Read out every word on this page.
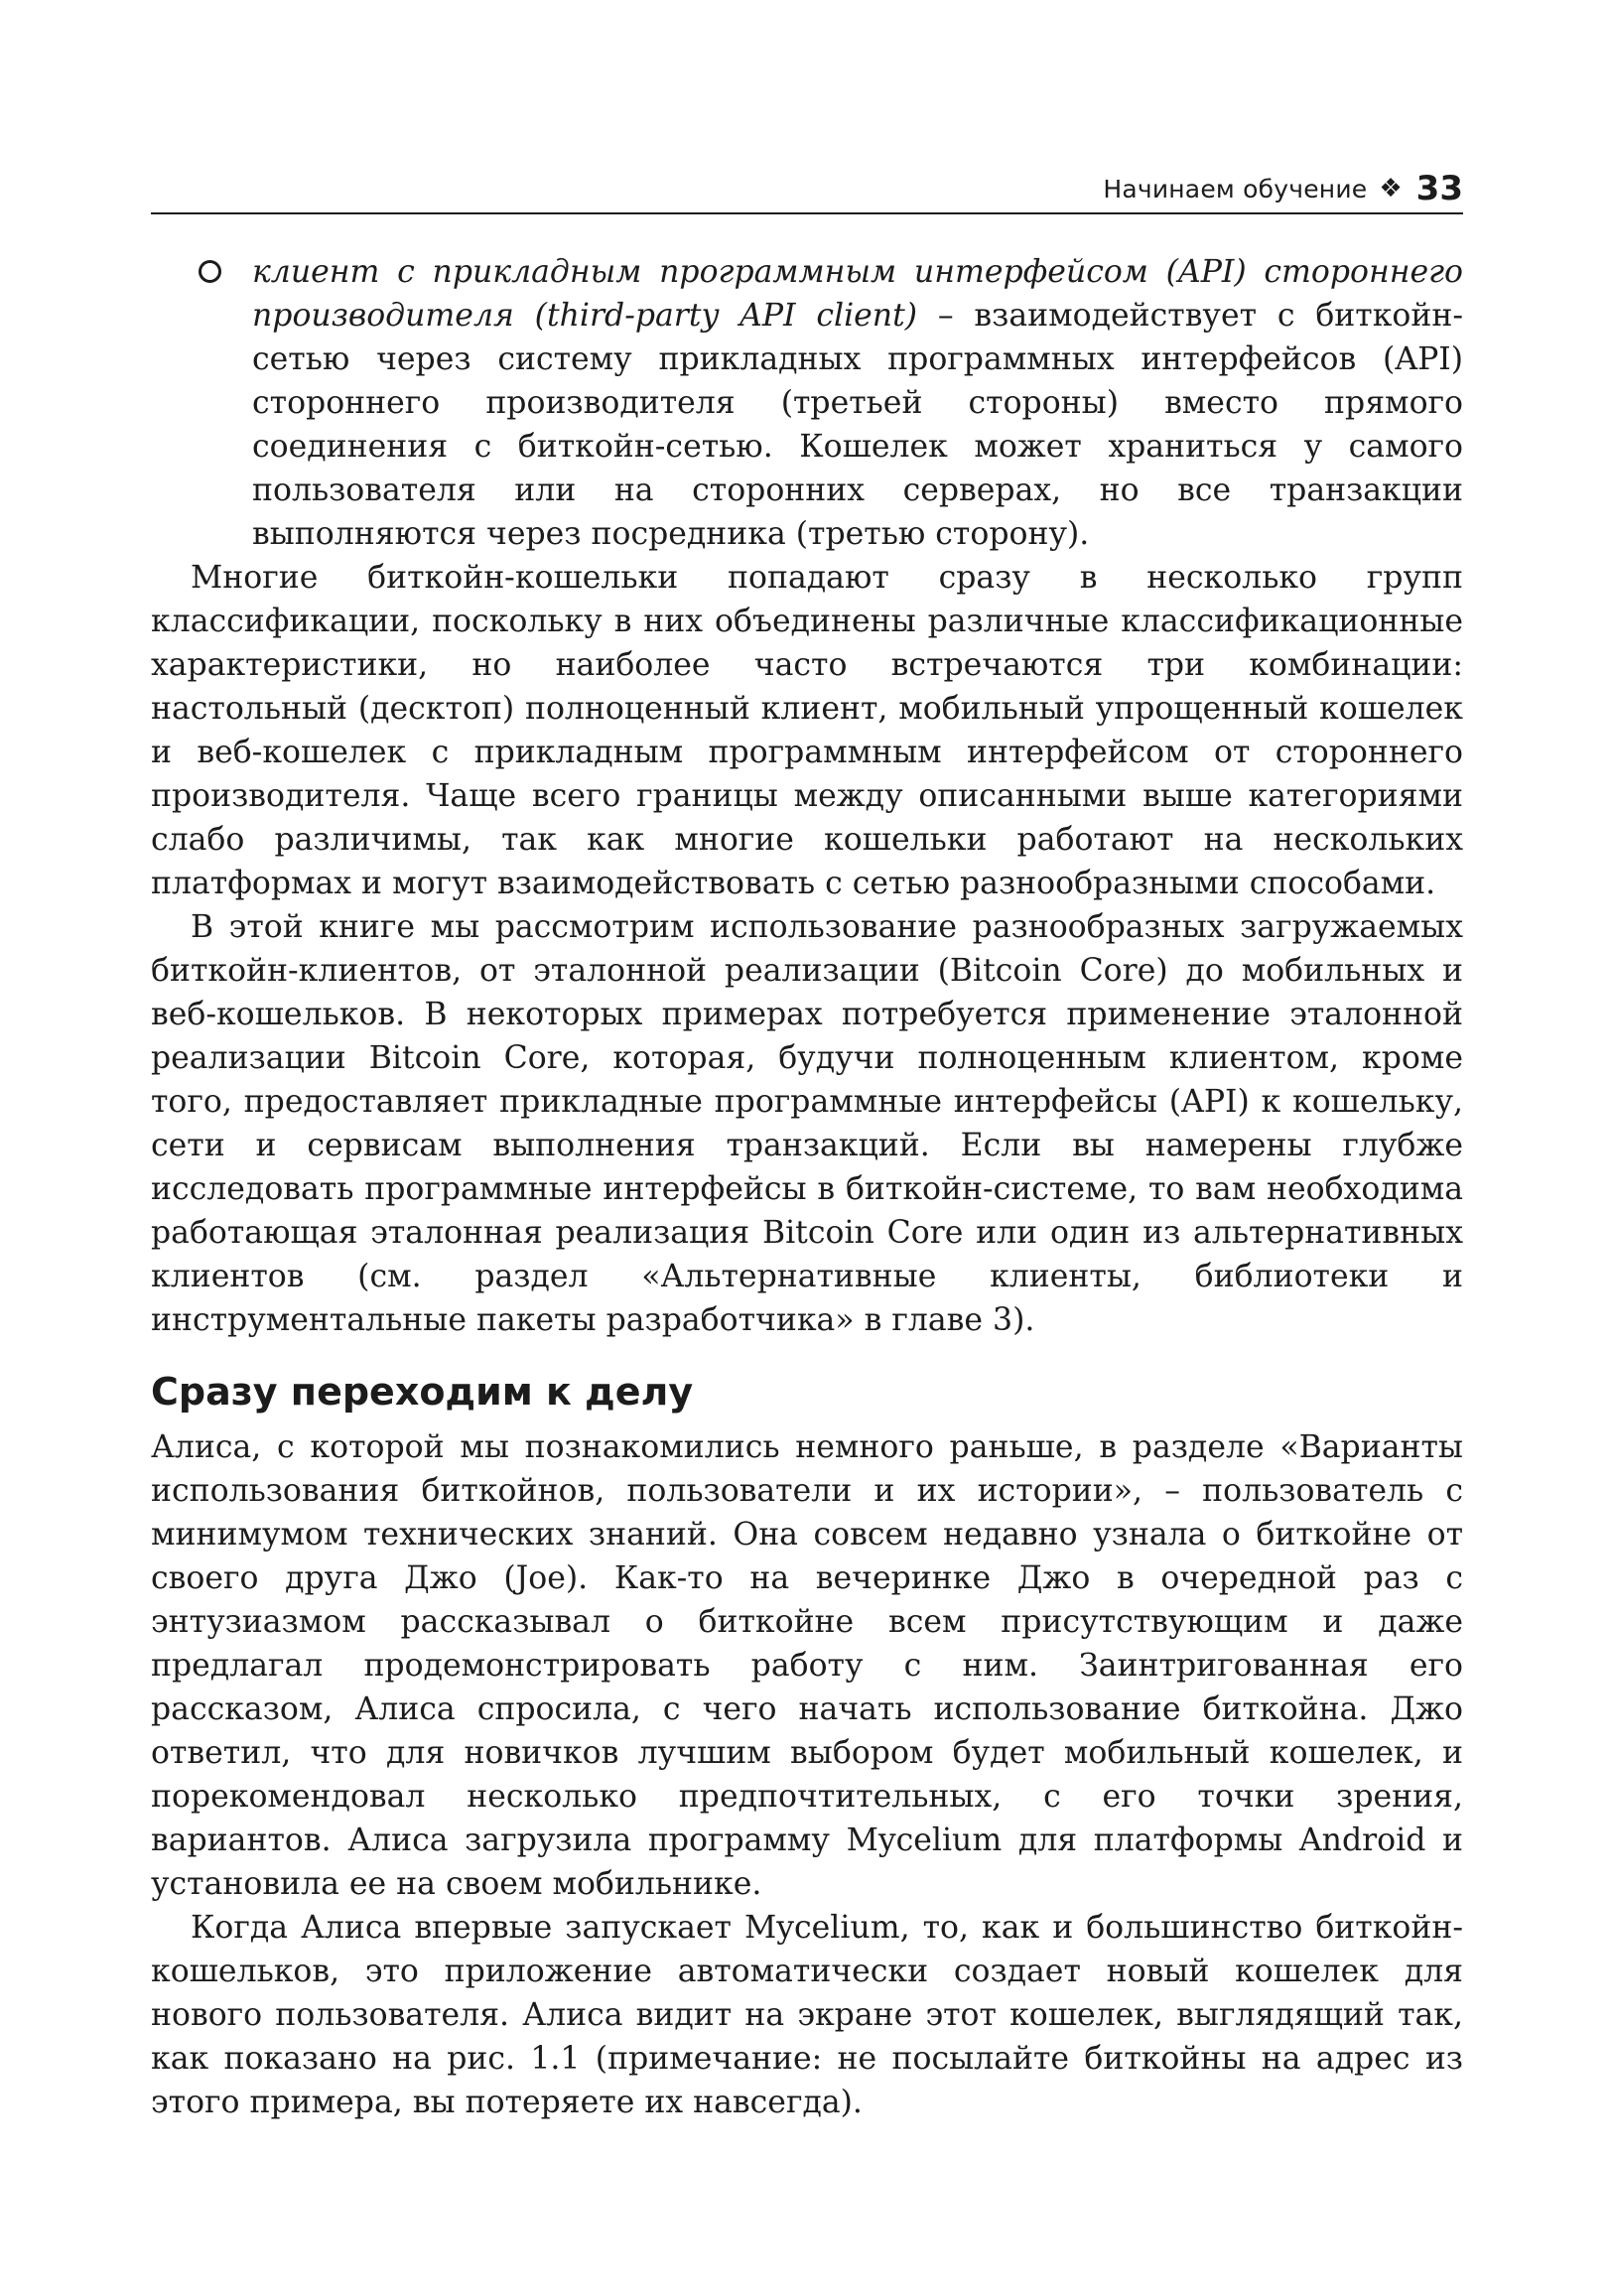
Начинаем обучение ❖ 33
клиент с прикладным программным интерфейсом (API) стороннего производителя (third-party API client) – взаимодействует с биткойн-сетью через систему прикладных программных интерфейсов (API) стороннего производителя (третьей стороны) вместо прямого соединения с биткойн-сетью. Кошелек может храниться у самого пользователя или на сторонних серверах, но все транзакции выполняются через посредника (третью сторону).

Многие биткойн-кошельки попадают сразу в несколько групп классификации, поскольку в них объединены различные классификационные характеристики, но наиболее часто встречаются три комбинации: настольный (десктоп) полноценный клиент, мобильный упрощенный кошелек и веб-кошелек с прикладным программным интерфейсом от стороннего производителя. Чаще всего границы между описанными выше категориями слабо различимы, так как многие кошельки работают на нескольких платформах и могут взаимодействовать с сетью разнообразными способами.

В этой книге мы рассмотрим использование разнообразных загружаемых биткойн-клиентов, от эталонной реализации (Bitcoin Core) до мобильных и веб-кошельков. В некоторых примерах потребуется применение эталонной реализации Bitcoin Core, которая, будучи полноценным клиентом, кроме того, предоставляет прикладные программные интерфейсы (API) к кошельку, сети и сервисам выполнения транзакций. Если вы намерены глубже исследовать программные интерфейсы в биткойн-системе, то вам необходима работающая эталонная реализация Bitcoin Core или один из альтернативных клиентов (см. раздел «Альтернативные клиенты, библиотеки и инструментальные пакеты разработчика» в главе 3).

Сразу переходим к делу

Алиса, с которой мы познакомились немного раньше, в разделе «Варианты использования биткойнов, пользователи и их истории», – пользователь с минимумом технических знаний. Она совсем недавно узнала о биткойне от своего друга Джо (Joe). Как-то на вечеринке Джо в очередной раз с энтузиазмом рассказывал о биткойне всем присутствующим и даже предлагал продемонстрировать работу с ним. Заинтригованная его рассказом, Алиса спросила, с чего начать использование биткойна. Джо ответил, что для новичков лучшим выбором будет мобильный кошелек, и порекомендовал несколько предпочтительных, с его точки зрения, вариантов. Алиса загрузила программу Mycelium для платформы Android и установила ее на своем мобильнике.

Когда Алиса впервые запускает Mycelium, то, как и большинство биткойн-кошельков, это приложение автоматически создает новый кошелек для нового пользователя. Алиса видит на экране этот кошелек, выглядящий так, как показано на рис. 1.1 (примечание: не посылайте биткойны на адрес из этого примера, вы потеряете их навсегда).
